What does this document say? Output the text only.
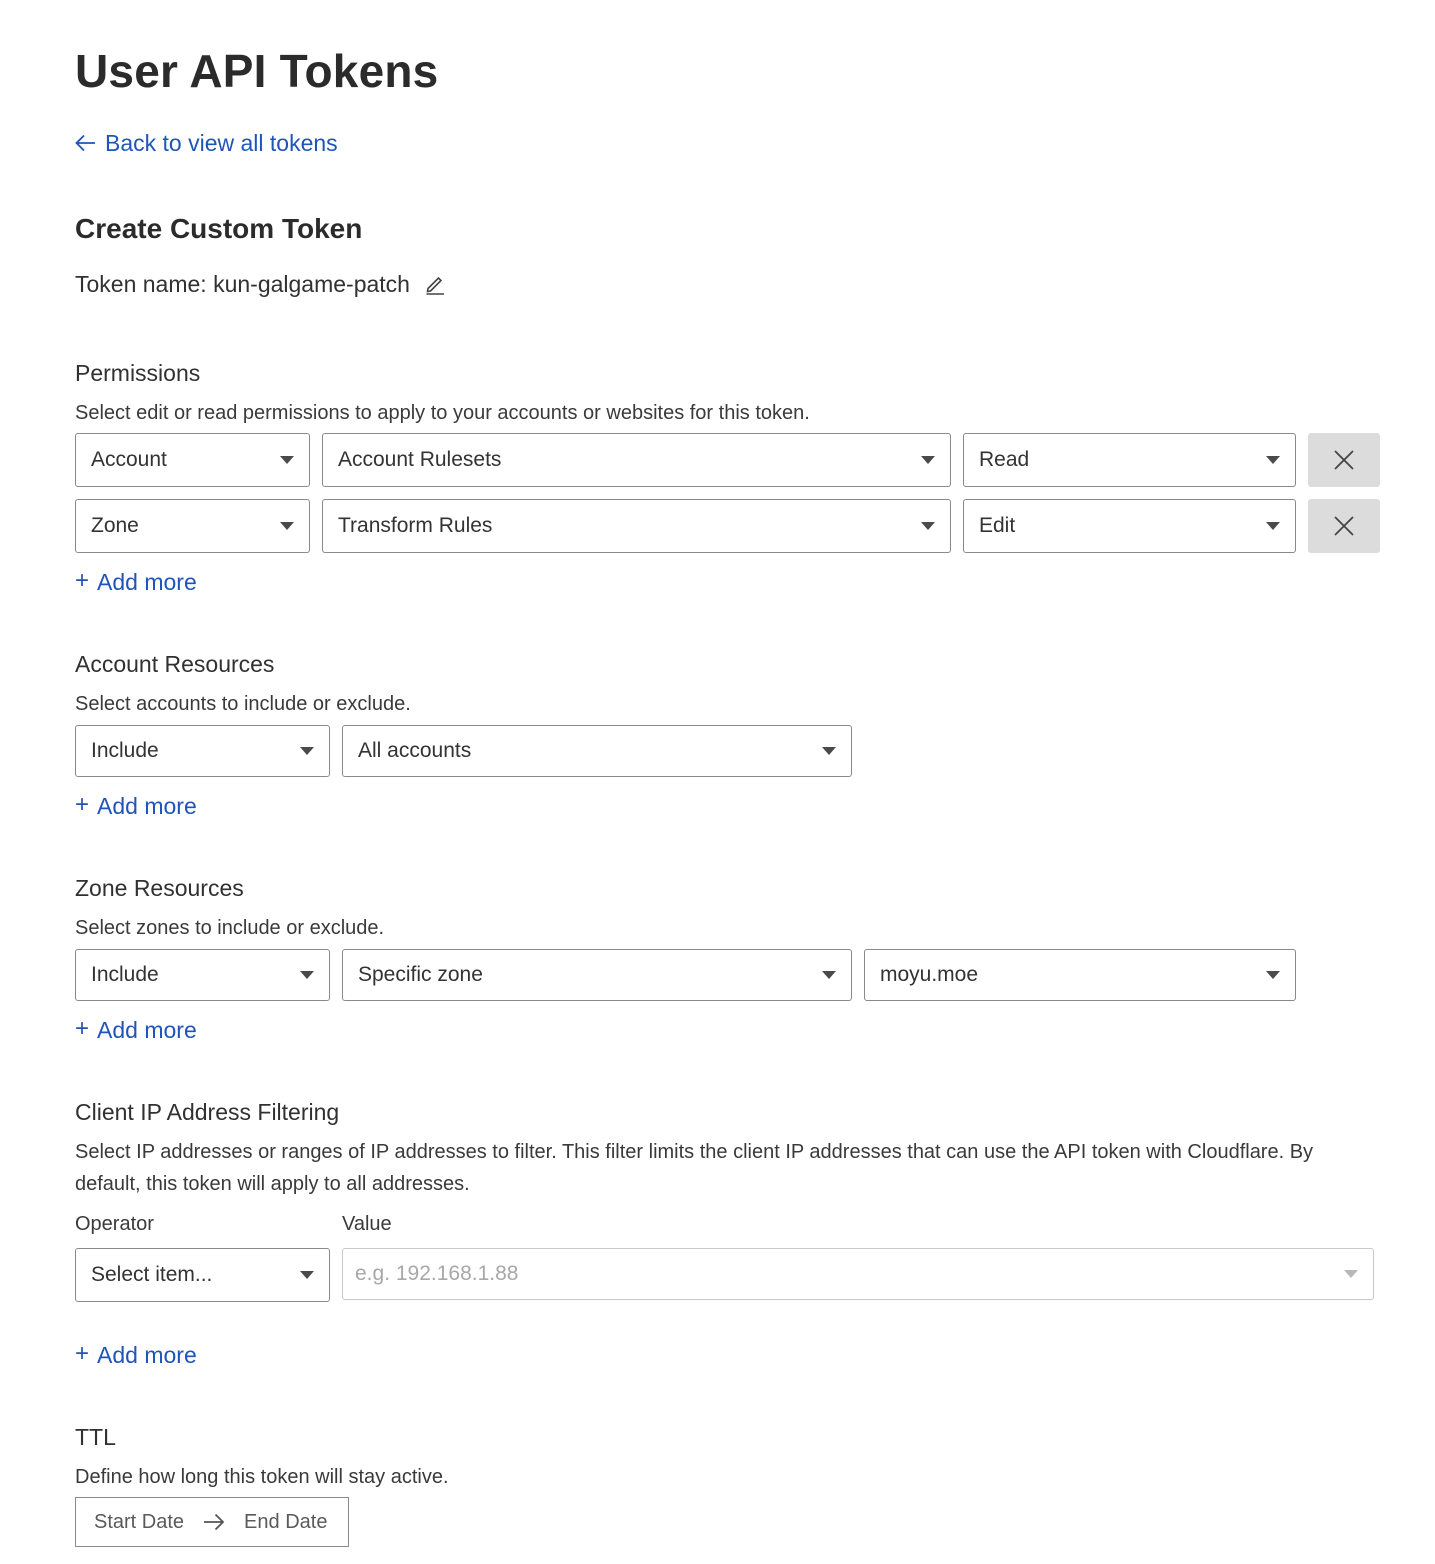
User API Tokens
Back to view all tokens
Create Custom Token
Token name: kun-galgame-patch
Permissions
Select edit or read permissions to apply to your accounts or websites for this token.
Account	Account Rulesets	Read
Zone	Transform Rules	Edit
+ Add more
Account Resources
Select accounts to include or exclude.
Include	All accounts
+ Add more
Zone Resources
Select zones to include or exclude.
Include	Specific zone	moyu.moe
+ Add more
Client IP Address Filtering
Select IP addresses or ranges of IP addresses to filter. This filter limits the client IP addresses that can use the API token with Cloudflare. By default, this token will apply to all addresses.
Operator	Value
Select item...	e.g. 192.168.1.88
+ Add more
TTL
Define how long this token will stay active.
Start Date	End Date
